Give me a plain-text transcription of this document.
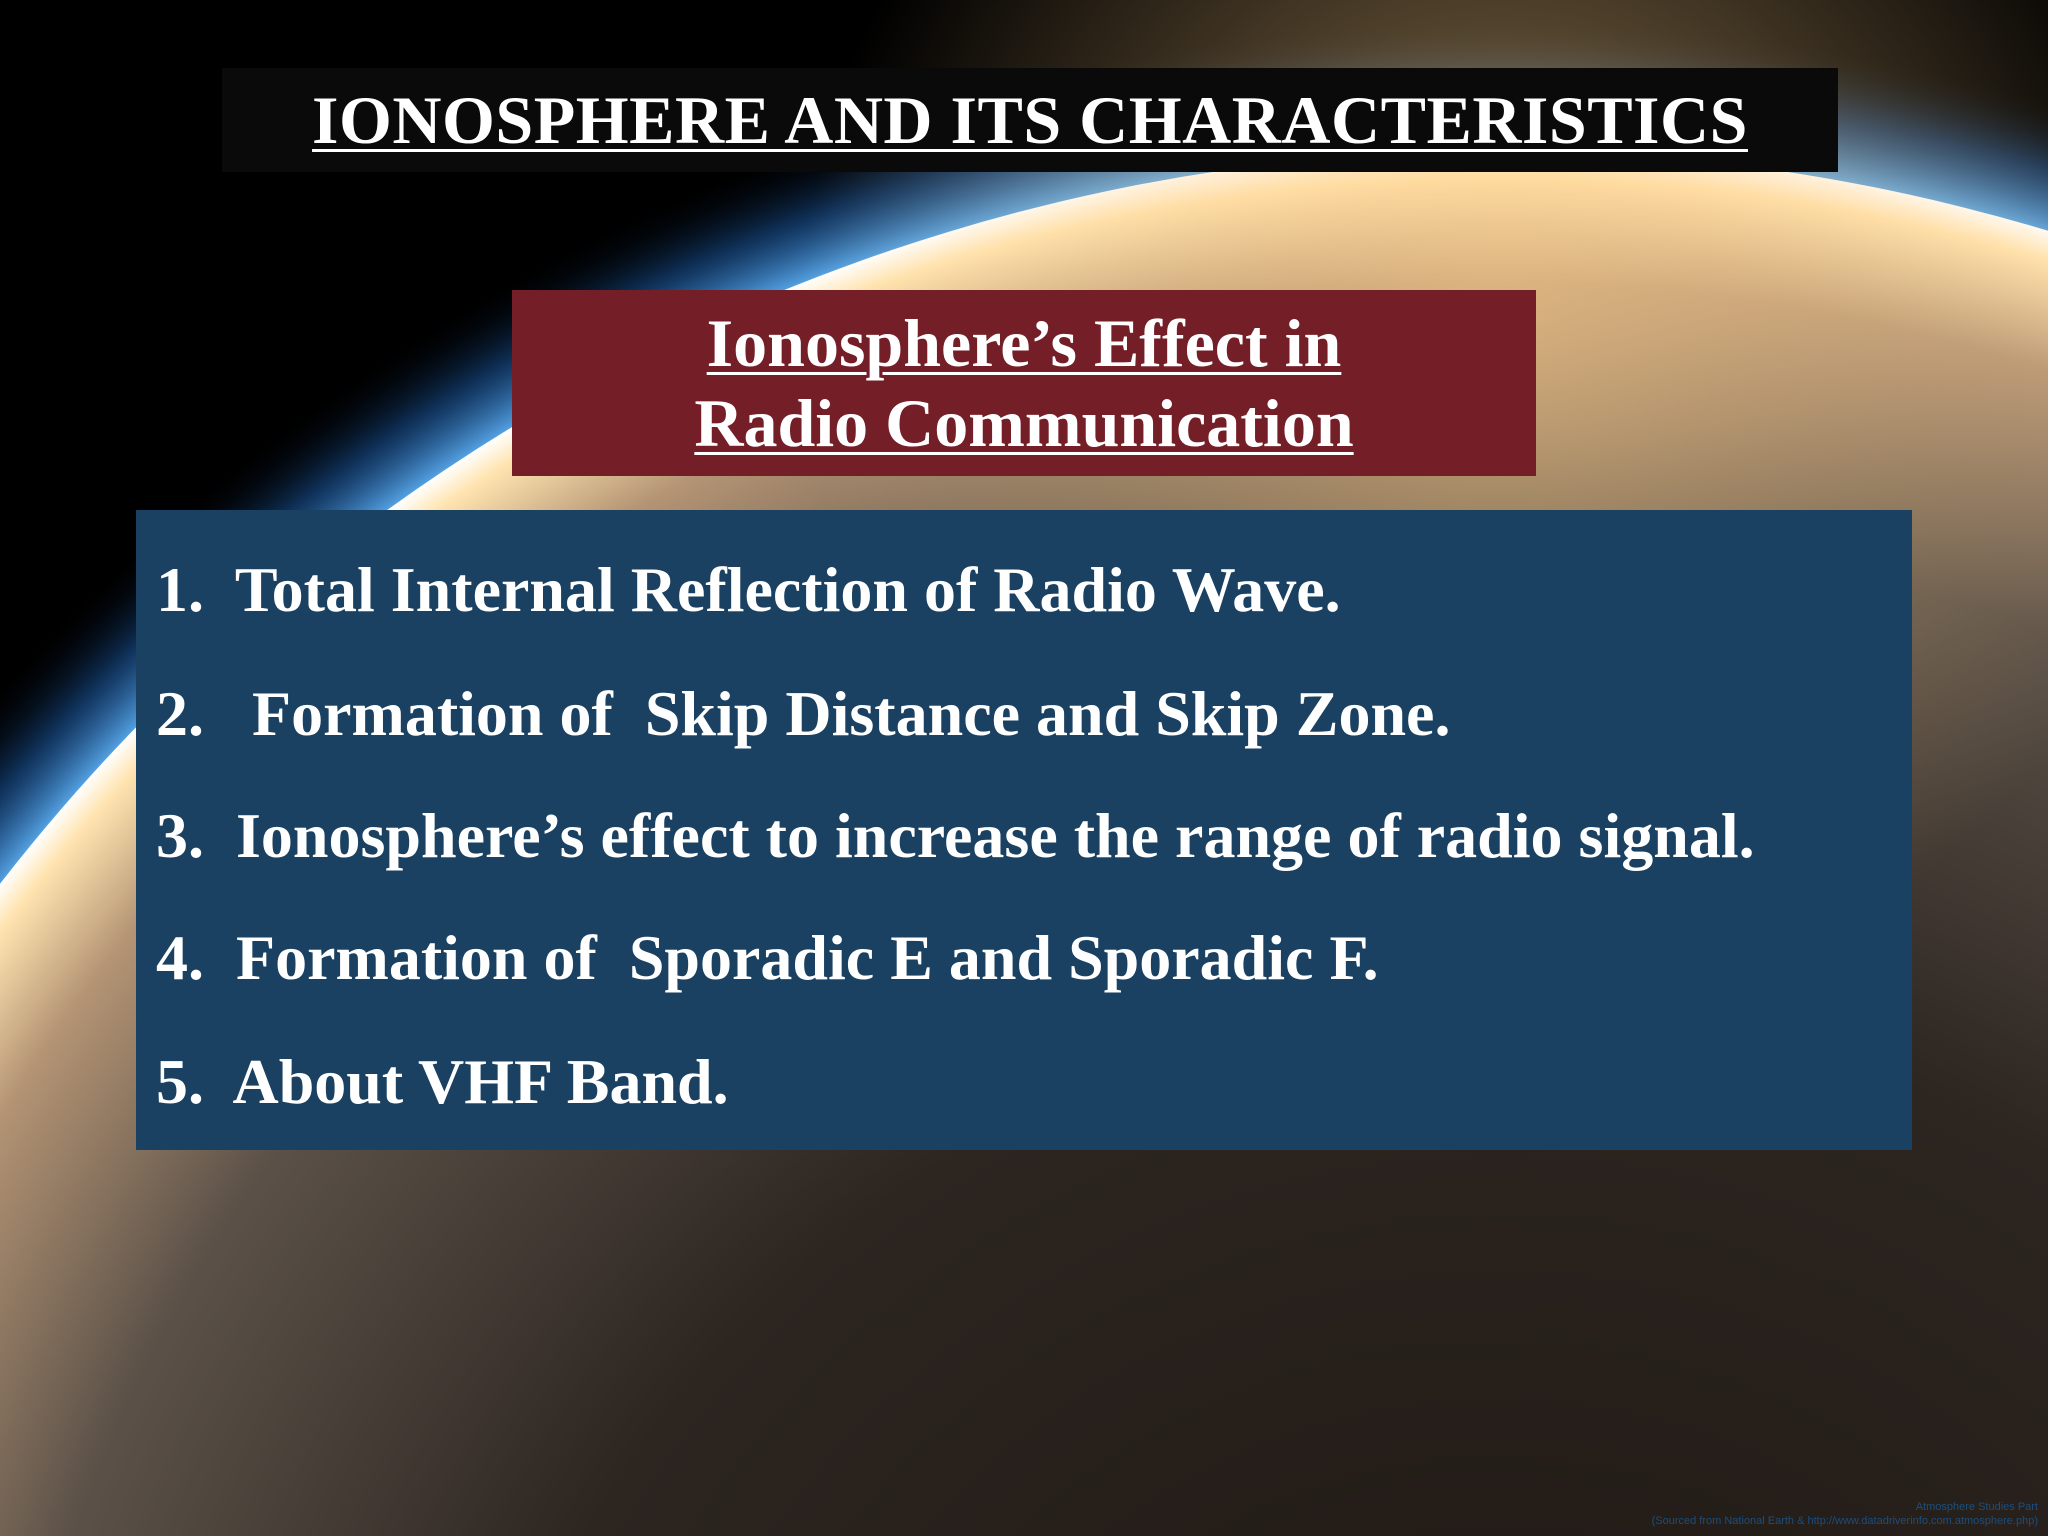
IONOSPHERE AND ITS CHARACTERISTICS
Ionosphere’s Effect in
Radio Communication
1.  Total Internal Reflection of Radio Wave.
2.   Formation of  Skip Distance and Skip Zone.
3.  Ionosphere’s effect to increase the range of radio signal.
4.  Formation of  Sporadic E and Sporadic F.
5.  About VHF Band.
Atmosphere Studies Part
(Sourced from National Earth & http://www.datadriverinfo.com.atmosphere.php)
